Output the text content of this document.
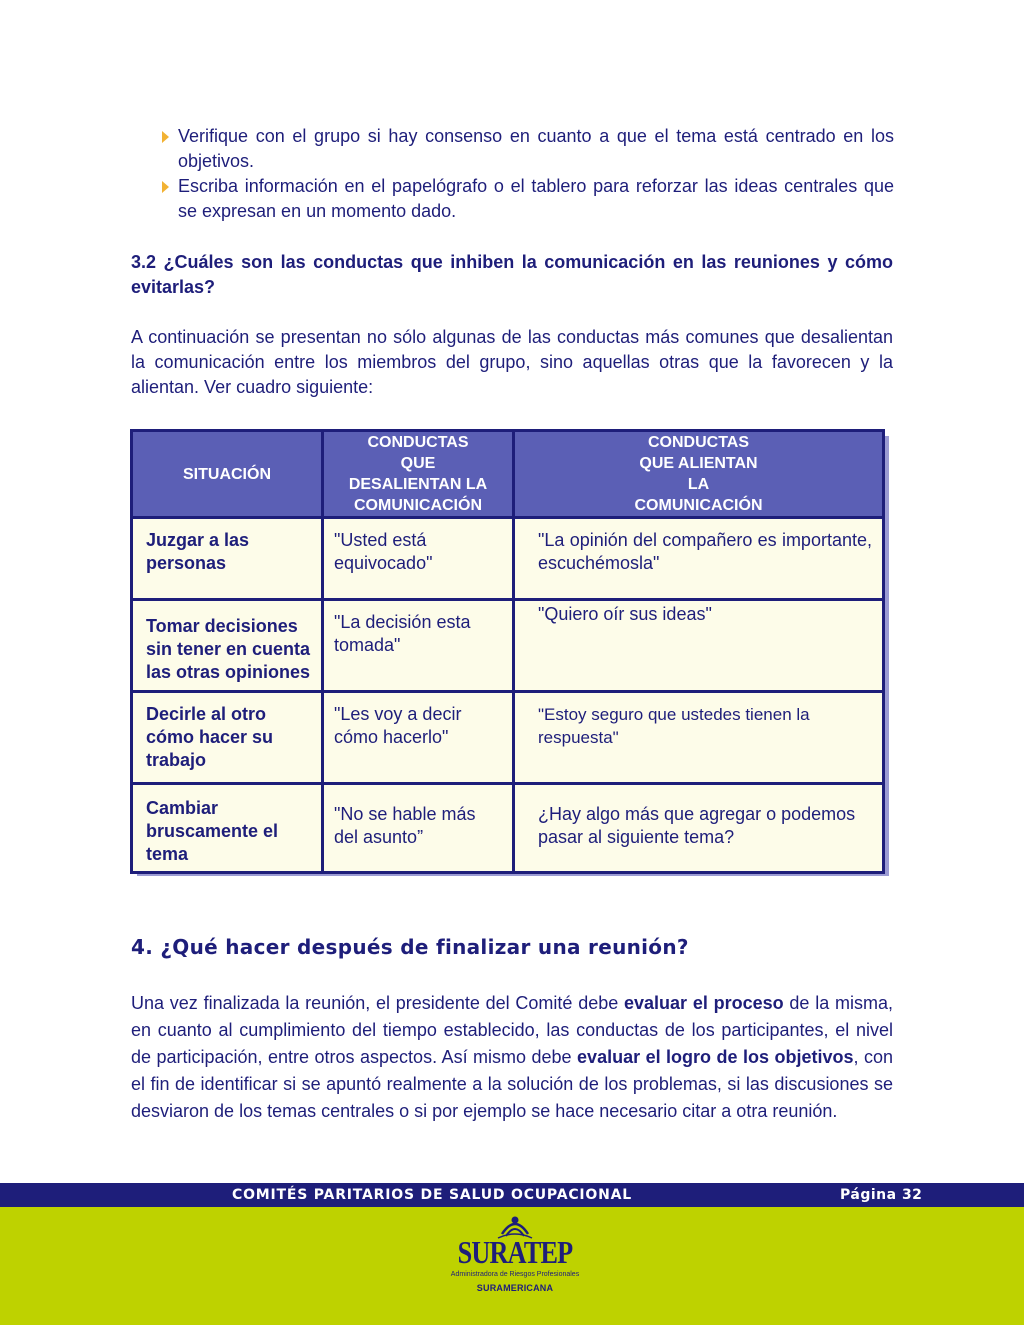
Verifique con el grupo si hay consenso en cuanto a que el tema está centrado en los objetivos.
Escriba información en el papelógrafo o el tablero para reforzar las ideas centrales que se expresan en un momento dado.
3.2 ¿Cuáles son las conductas que inhiben la comunicación en las reuniones y cómo evitarlas?
A continuación se presentan no sólo algunas de las conductas más comunes que desalientan la comunicación entre los miembros del grupo, sino aquellas otras que la favorecen y la alientan. Ver cuadro siguiente:
SITUACIÓN	CONDUCTAS QUE DESALIENTAN LA COMUNICACIÓN	CONDUCTAS QUE ALIENTAN LA COMUNICACIÓN

Juzgar a las personas	"Usted está equivocado"	"La opinión del compañero es importante, escuchémosla"
Tomar decisiones sin tener en cuenta las otras opiniones	"La decisión esta tomada"	"Quiero oír sus ideas"
Decirle al otro cómo hacer su trabajo	"Les voy a decir cómo hacerlo"	"Estoy seguro que ustedes tienen la respuesta"
Cambiar bruscamente el tema	"No se hable más del asunto”	¿Hay algo más que agregar o podemos pasar al siguiente tema?
4. ¿Qué hacer después de finalizar una reunión?
Una vez finalizada la reunión, el presidente del Comité debe evaluar el proceso de la misma, en cuanto al cumplimiento del tiempo establecido, las conductas de los participantes, el nivel de participación, entre otros aspectos. Así mismo debe evaluar el logro de los objetivos, con el fin de identificar si se apuntó realmente a la solución de los problemas, si las discusiones se desviaron de los temas centrales o si por ejemplo se hace necesario citar a otra reunión.
COMITÉS PARITARIOS DE SALUD OCUPACIONAL	Página 32
SURATEP
Administradora de Riesgos Profesionales
SURAMERICANA
